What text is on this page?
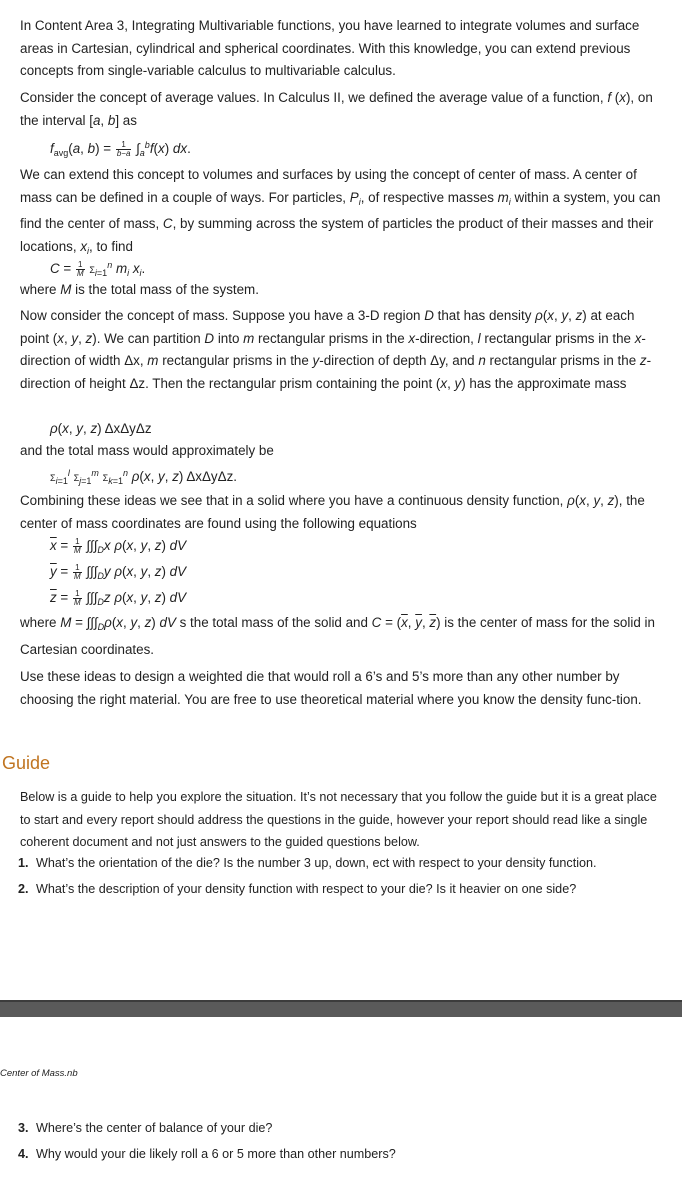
In Content Area 3, Integrating Multivariable functions, you have learned to integrate volumes and surface areas in Cartesian, cylindrical and spherical coordinates. With this knowledge, you can extend previous concepts from single-variable calculus to multivariable calculus.
Consider the concept of average values. In Calculus II, we defined the average value of a function, f (x), on the interval [a, b] as
$f_{avg}(a$, $b) = \frac{1}{b-a} \int_a^bf(x)$ dx.
We can extend this concept to volumes and surfaces by using the concept of center of mass. A center of mass can be defined in a couple of ways. For particles, $P_i$, of respective masses $m_i$ within a system, you can find the center of mass, C, by summing across the system of particles the product of their masses and their locations, $x_i$, to find
$C = \frac{1}{M} \Sigma_{i=1}^n$ $m_i$ $x_i$.
where M is the total mass of the system.
Now consider the concept of mass. Suppose you have a 3-D region D that has density ρ(x, y, z) at each point (x, y, z). We can partition D into m rectangular prisms in the x-direction, l rectangular prisms in the x-direction of width Δx, m rectangular prisms in the y-direction of depth Δy, and n rectangular prisms in the z-direction of height Δz. Then the rectangular prism containing the point (x, y) has the approximate mass
ρ(x, y, z) ΔxΔyΔz
and the total mass would approximately be
$\Sigma_{i=1}^l$ $\Sigma_{j=1}^m$ $\Sigma_{k=1}^n$ ρ(x, y, z) ΔxΔyΔz.
Combining these ideas we see that in a solid where you have a continuous density function, ρ(x, y, z), the center of mass coordinates are found using the following equations
$\overline{x} = \frac{1}{M} \int\int\int_Dx$ ρ(x, y, z) dV
$\overline{y} = \frac{1}{M} \int\int\int_Dy$ ρ(x, y, z) dV
$\overline{z} = \frac{1}{M} \int\int\int_Dz$ ρ(x, y, z) dV
where $M = \int\int\int_D\rho(x$, y, z) dV s the total mass of the solid and $C = (\overline{x}$, $\overline{y}$, $\overline{z}$) is the center of mass for the solid in Cartesian coordinates.
Use these ideas to design a weighted die that would roll a 6’s and 5’s more than any other number by choosing the right material. You are free to use theoretical material where you know the density func-tion.
Guide
Below is a guide to help you explore the situation. It’s not necessary that you follow the guide but it is a great place to start and every report should address the questions in the guide, however your report should read like a single coherent document and not just answers to the guided questions below.
1. What’s the orientation of the die? Is the number 3 up, down, ect with respect to your density function.
2. What’s the description of your density function with respect to your die? Is it heavier on one side?
Center of Mass.nb
3. Where’s the center of balance of your die?
4. Why would your die likely roll a 6 or 5 more than other numbers?
